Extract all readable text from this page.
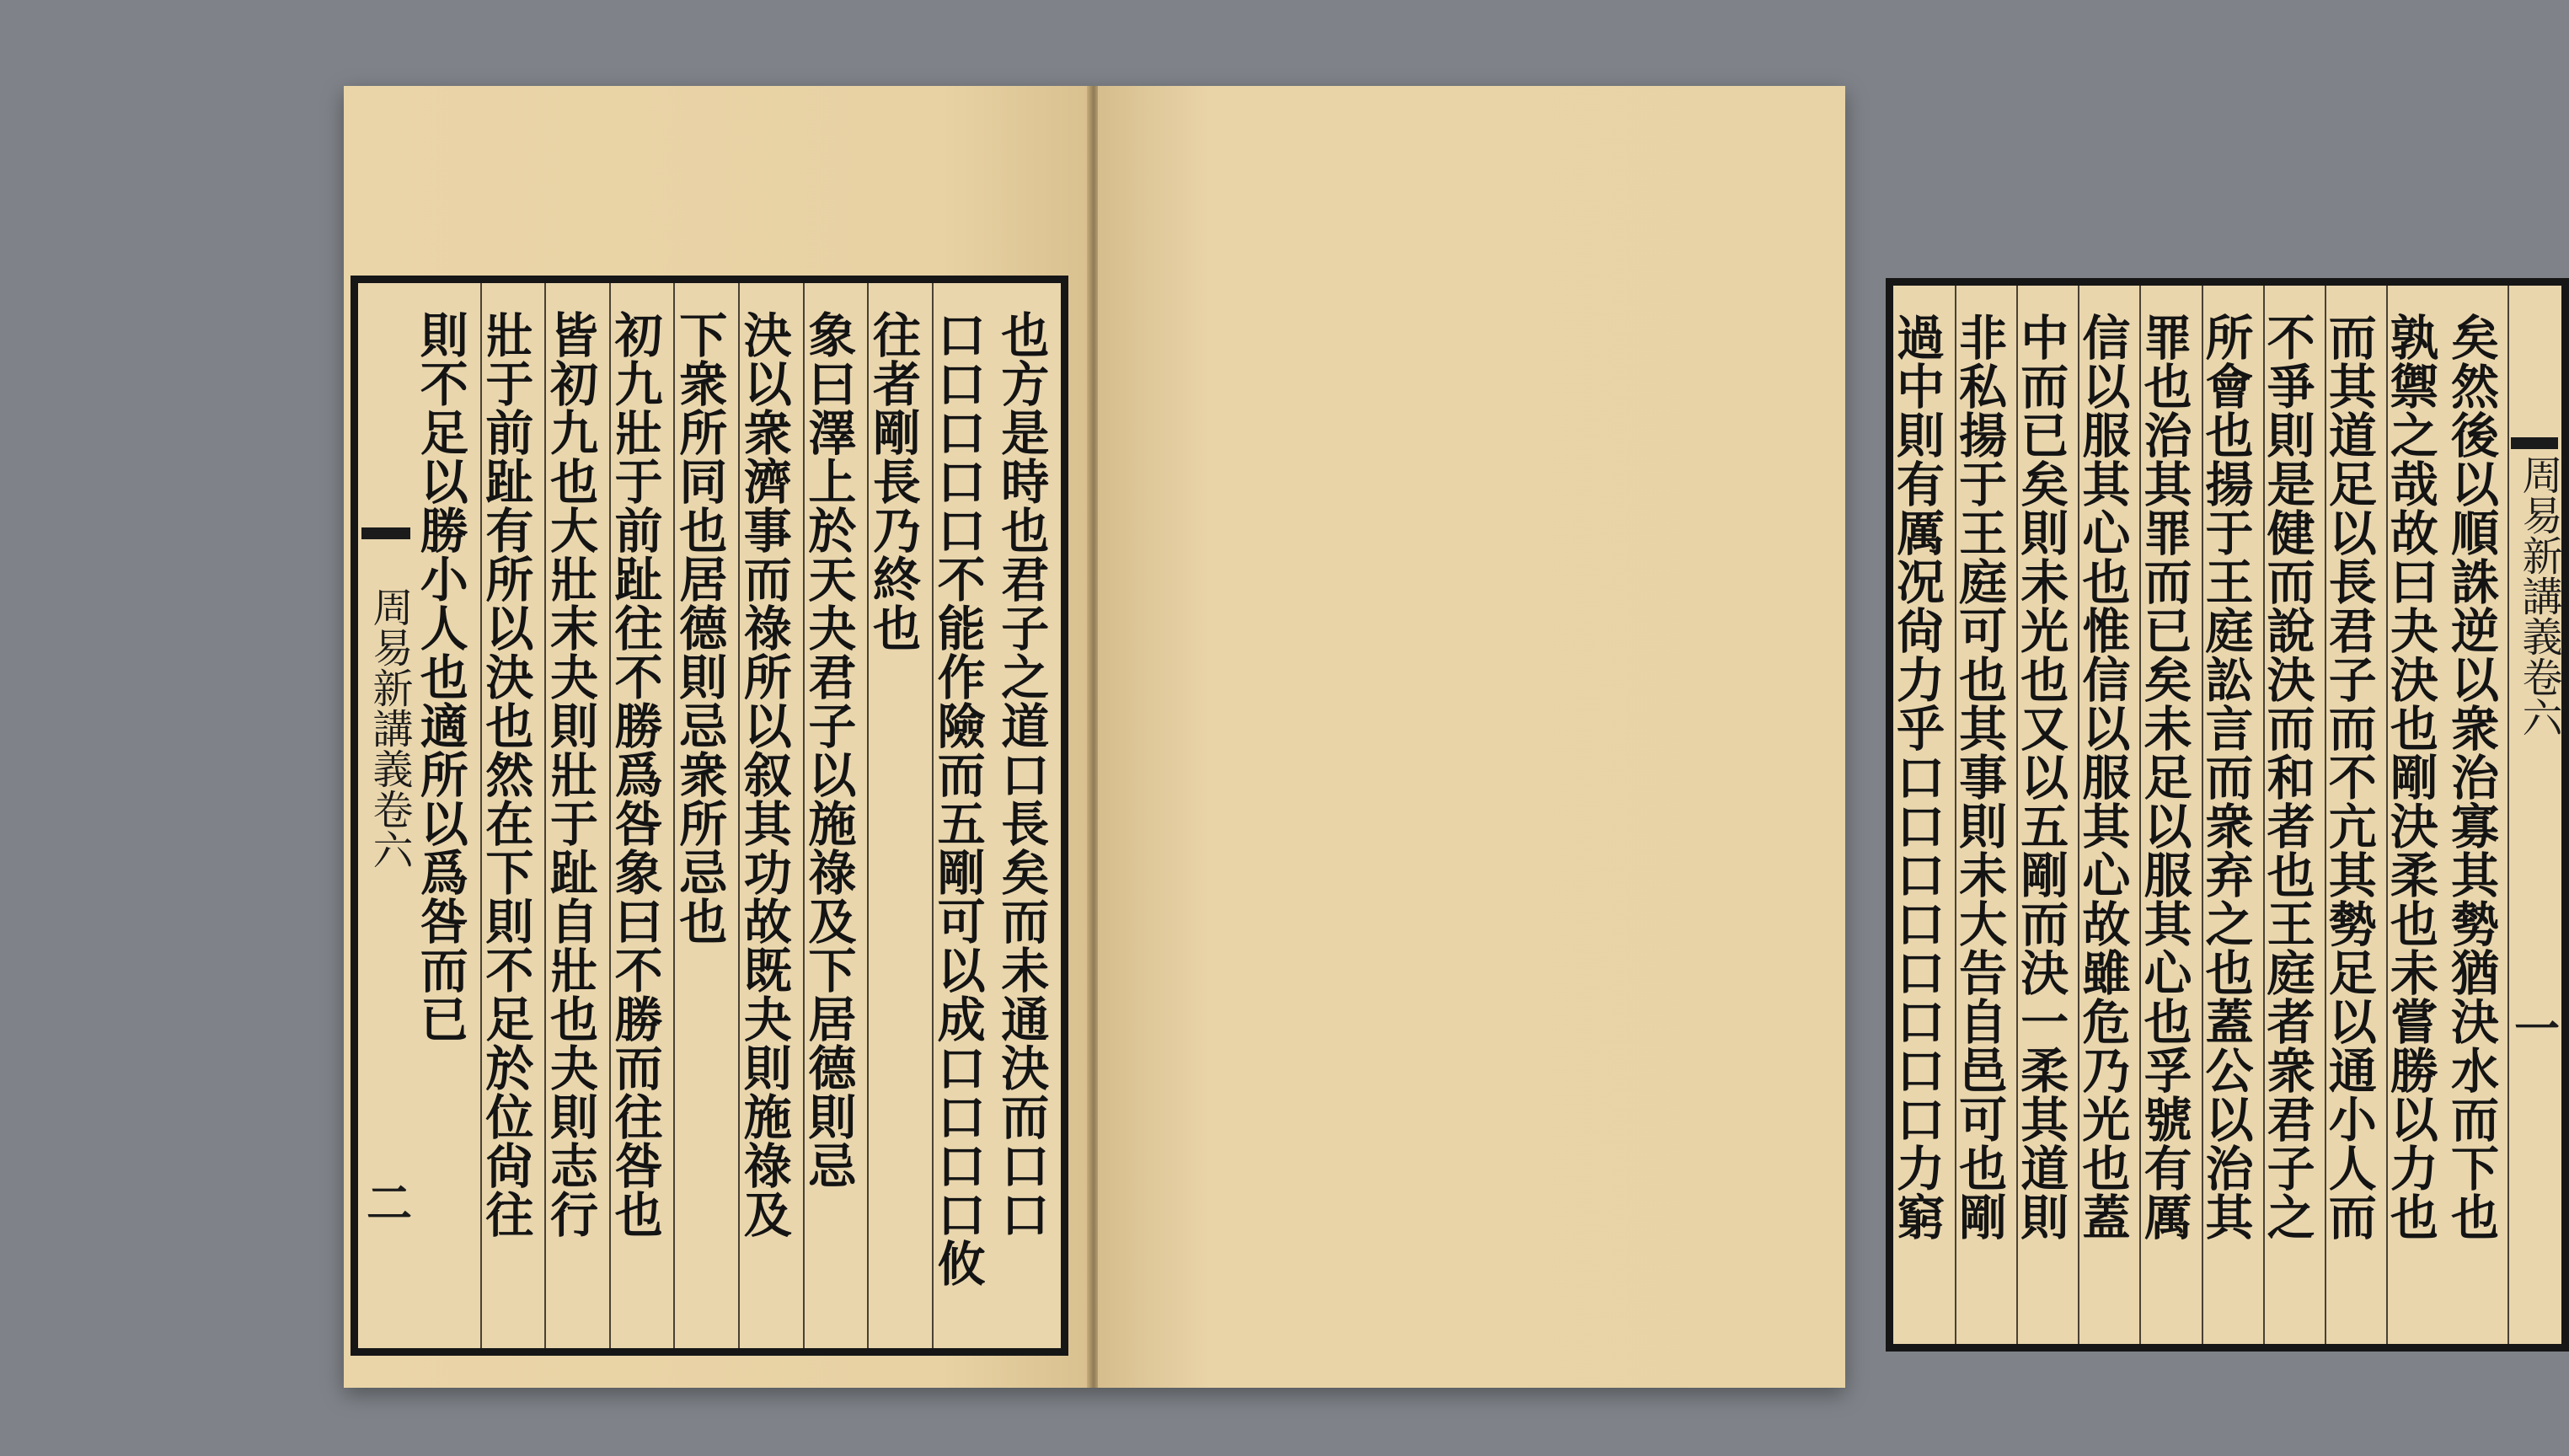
周易新講義卷六
二	也方是時也君子之道口長矣而未通決而口口
口口口口口不能作險而五剛可以成口口口口攸
往者剛長乃終也
象曰澤上於天夬君子以施祿及下居德則忌
決以衆濟事而祿所以叙其功故既夬則施祿及
下衆所同也居德則忌衆所忌也
初九壯于前趾往不勝爲咎象曰不勝而往咎也
皆初九也大壯末夬則壯于趾自壯也夬則志行
壯于前趾有所以決也然在下則不足於位尙往
則不足以勝小人也適所以爲咎而已	矣然後以順誅逆以衆治寡其勢猶決水而下也
孰禦之哉故曰夬決也剛決柔也未嘗勝以力也
而其道足以長君子而不亢其勢足以通小人而
不爭則是健而說決而和者也王庭者衆君子之
所會也揚于王庭訟言而衆弃之也蓋公以治其
罪也治其罪而已矣未足以服其心也孚號有厲
信以服其心也惟信以服其心故雖危乃光也蓋
中而已矣則未光也又以五剛而決一柔其道則
非私揚于王庭可也其事則未大告自邑可也剛
過中則有厲况尙力乎口口口口口口口口力窮	周易新講義卷六
一
